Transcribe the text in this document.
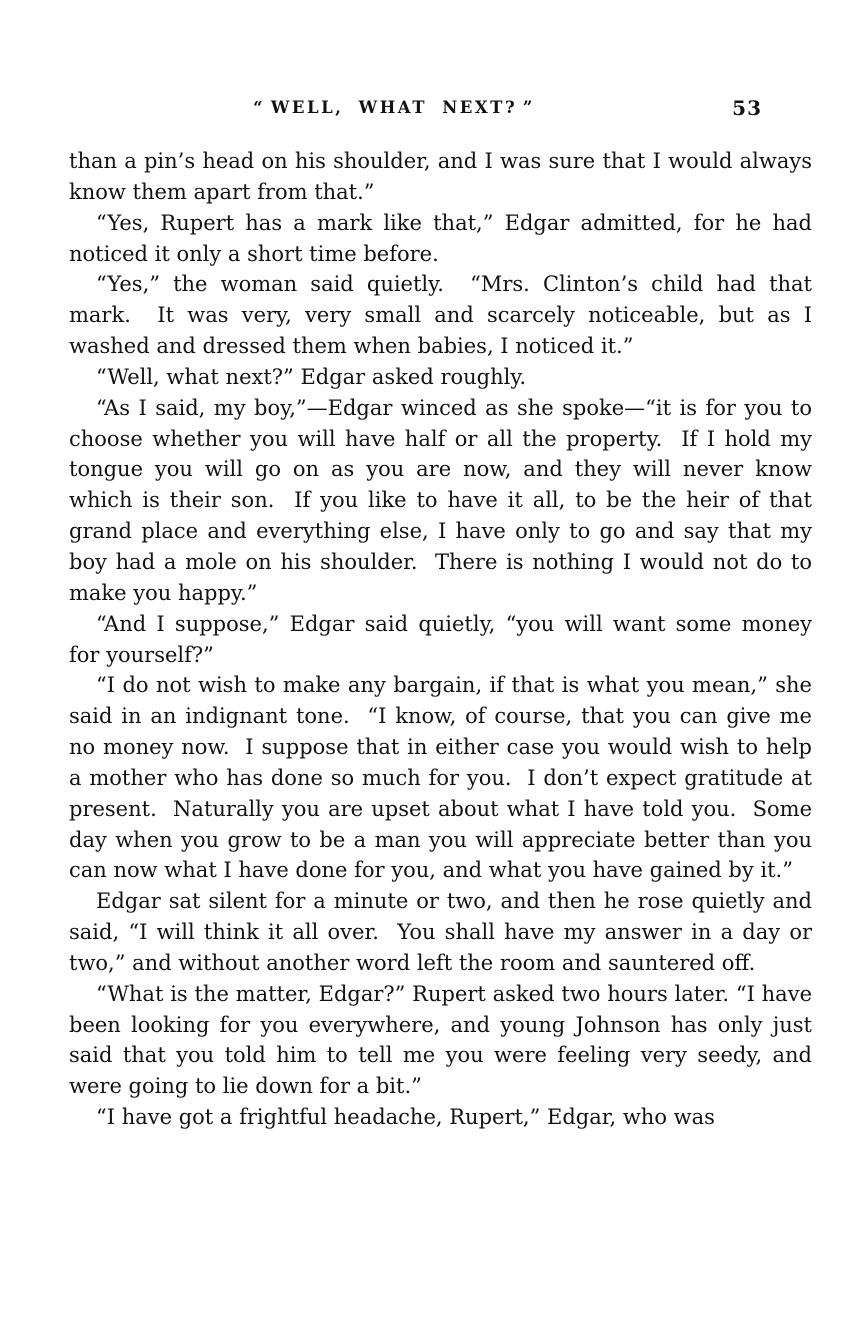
“ WELL, WHAT NEXT? ”	53

than a pin’s head on his shoulder, and I was sure that I would always know them apart from that.”

“Yes, Rupert has a mark like that,” Edgar admitted, for he had noticed it only a short time before.

“Yes,” the woman said quietly.  “Mrs. Clinton’s child had that mark.  It was very, very small and scarcely noticeable, but as I washed and dressed them when babies, I noticed it.”

“Well, what next?” Edgar asked roughly.

“As I said, my boy,”—Edgar winced as she spoke—“it is for you to choose whether you will have half or all the property.  If I hold my tongue you will go on as you are now, and they will never know which is their son.  If you like to have it all, to be the heir of that grand place and everything else, I have only to go and say that my boy had a mole on his shoulder.  There is nothing I would not do to make you happy.”

“And I suppose,” Edgar said quietly, “you will want some money for yourself?”

“I do not wish to make any bargain, if that is what you mean,” she said in an indignant tone.  “I know, of course, that you can give me no money now.  I suppose that in either case you would wish to help a mother who has done so much for you.  I don’t expect gratitude at present.  Naturally you are upset about what I have told you.  Some day when you grow to be a man you will appreciate better than you can now what I have done for you, and what you have gained by it.”

Edgar sat silent for a minute or two, and then he rose quietly and said, “I will think it all over.  You shall have my answer in a day or two,” and without another word left the room and sauntered off.

“What is the matter, Edgar?” Rupert asked two hours later. “I have been looking for you everywhere, and young Johnson has only just said that you told him to tell me you were feeling very seedy, and were going to lie down for a bit.”

“I have got a frightful headache, Rupert,” Edgar, who was
